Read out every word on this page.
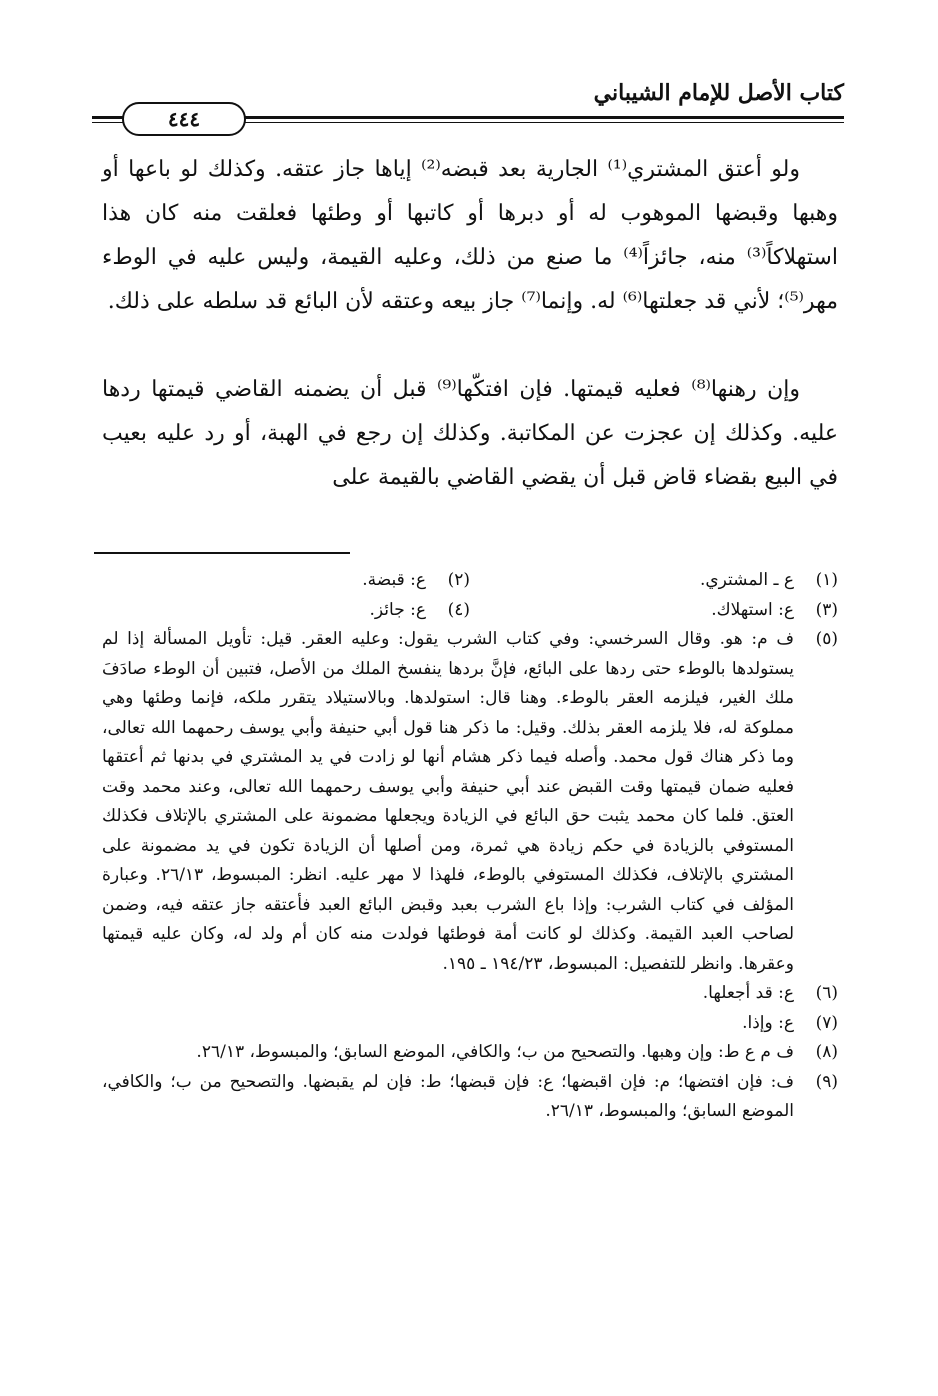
كتاب الأصل للإمام الشيباني
٤٤٤

ولو أعتق المشتري⁽¹⁾ الجارية بعد قبضه⁽²⁾ إياها جاز عتقه. وكذلك لو باعها أو وهبها وقبضها الموهوب له أو دبرها أو كاتبها أو وطئها فعلقت منه كان هذا استهلاكاً⁽³⁾ منه، جائزاً⁽⁴⁾ ما صنع من ذلك، وعليه القيمة، وليس عليه في الوطء مهر⁽⁵⁾؛ لأني قد جعلتها⁽⁶⁾ له. وإنما⁽⁷⁾ جاز بيعه وعتقه لأن البائع قد سلطه على ذلك.

وإن رهنها⁽⁸⁾ فعليه قيمتها. فإن افتكّها⁽⁹⁾ قبل أن يضمنه القاضي قيمتها ردها عليه. وكذلك إن عجزت عن المكاتبة. وكذلك إن رجع في الهبة، أو رد عليه بعيب في البيع بقضاء قاض قبل أن يقضي القاضي بالقيمة على

(١)
ع ـ المشتري.
(٢)
ع: قبضة.
(٣)
ع: استهلاك.
(٤)
ع: جائز.
(٥)
ف م: هو. وقال السرخسي: وفي كتاب الشرب يقول: وعليه العقر. قيل: تأويل المسألة إذا لم يستولدها بالوطء حتى ردها على البائع، فإنَّ بردها ينفسخ الملك من الأصل، فتبين أن الوطء صادَفَ ملك الغير، فيلزمه العقر بالوطء. وهنا قال: استولدها. وبالاستيلاد يتقرر ملكه، فإنما وطئها وهي مملوكة له، فلا يلزمه العقر بذلك. وقيل: ما ذكر هنا قول أبي حنيفة وأبي يوسف رحمهما الله تعالى، وما ذكر هناك قول محمد. وأصله فيما ذكر هشام أنها لو زادت في يد المشتري في بدنها ثم أعتقها فعليه ضمان قيمتها وقت القبض عند أبي حنيفة وأبي يوسف رحمهما الله تعالى، وعند محمد وقت العتق. فلما كان محمد يثبت حق البائع في الزيادة ويجعلها مضمونة على المشتري بالإتلاف فكذلك المستوفي بالزيادة في حكم زيادة هي ثمرة، ومن أصلها أن الزيادة تكون في يد مضمونة على المشتري بالإتلاف، فكذلك المستوفي بالوطء، فلهذا لا مهر عليه. انظر: المبسوط، ٢٦/١٣. وعبارة المؤلف في كتاب الشرب: وإذا باع الشرب بعبد وقبض البائع العبد فأعتقه جاز عتقه فيه، وضمن لصاحب العبد القيمة. وكذلك لو كانت أمة فوطئها فولدت منه كان أم ولد له، وكان عليه قيمتها وعقرها. وانظر للتفصيل: المبسوط، ١٩٤/٢٣ ـ ١٩٥.
(٦)
ع: قد أجعلها.
(٧)
ع: وإذا.
(٨)
ف م ع ط: وإن وهبها. والتصحيح من ب؛ والكافي، الموضع السابق؛ والمبسوط، ٢٦/١٣.
(٩)
ف: فإن افتضها؛ م: فإن اقبضها؛ ع: فإن قبضها؛ ط: فإن لم يقبضها. والتصحيح من ب؛ والكافي، الموضع السابق؛ والمبسوط، ٢٦/١٣.
